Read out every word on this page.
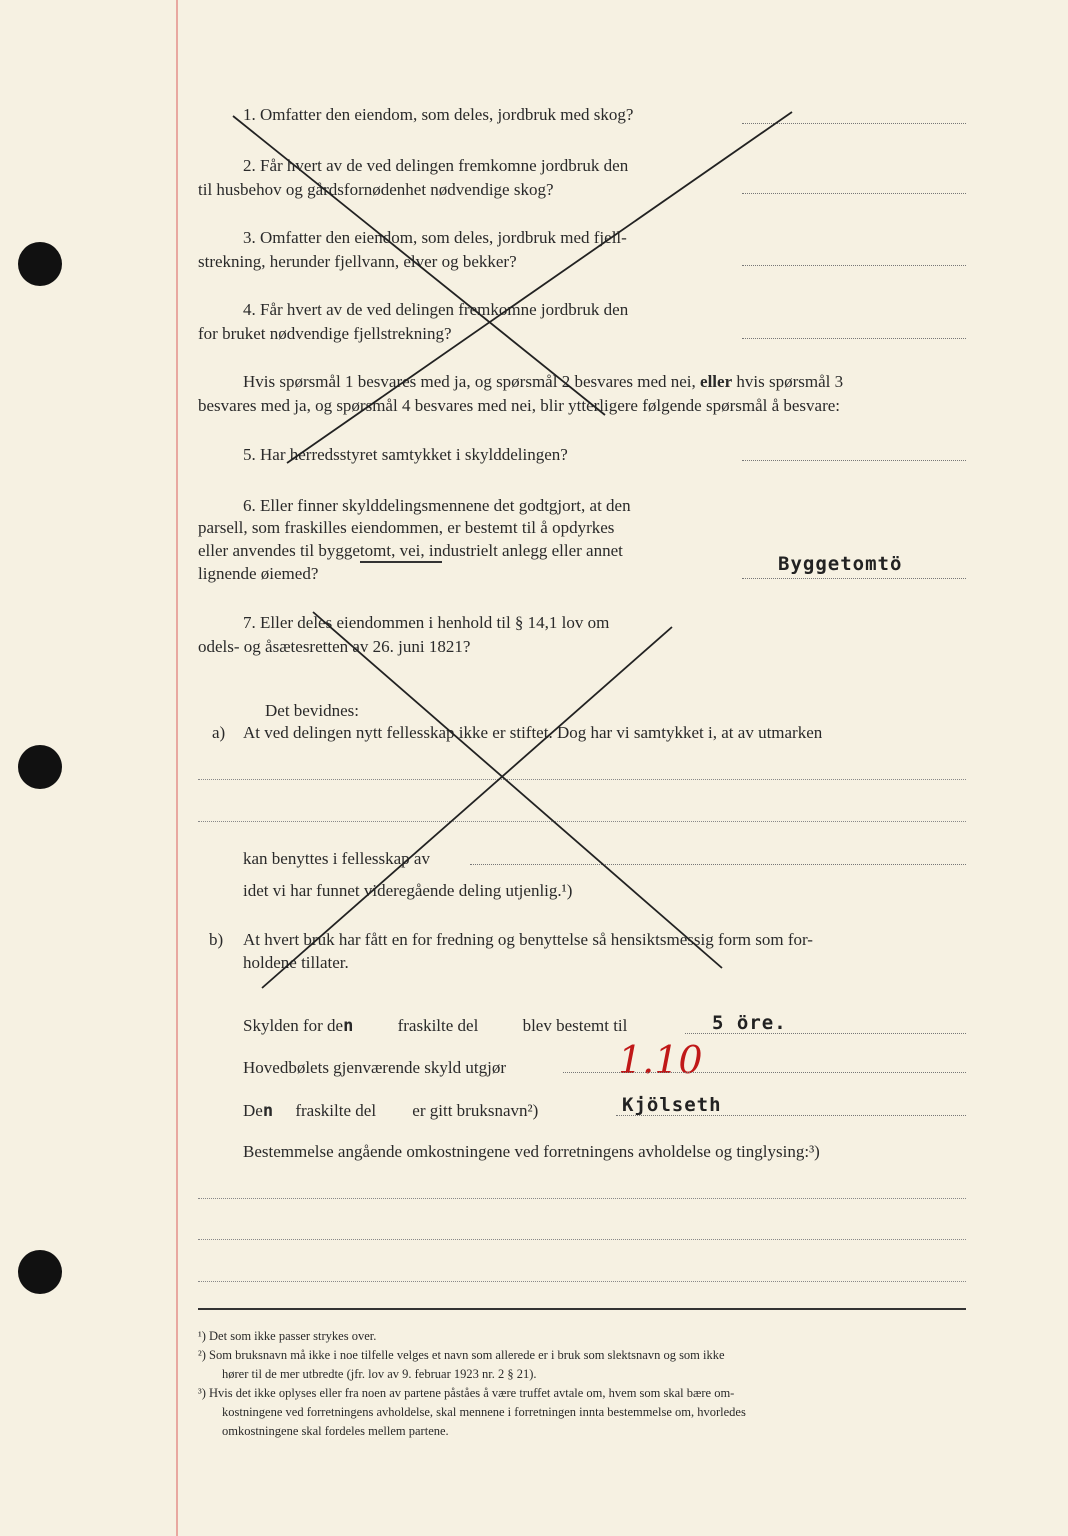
1. Omfatter den eiendom, som deles, jordbruk med skog?
2. Får hvert av de ved delingen fremkomne jordbruk den
til husbehov og gårdsfornødenhet nødvendige skog?
3. Omfatter den eiendom, som deles, jordbruk med fjell-
strekning, herunder fjellvann, elver og bekker?
4. Får hvert av de ved delingen fremkomne jordbruk den
for bruket nødvendige fjellstrekning?
Hvis spørsmål 1 besvares med ja, og spørsmål 2 besvares med nei, eller hvis spørsmål 3
besvares med ja, og spørsmål 4 besvares med nei, blir ytterligere følgende spørsmål å besvare:
5. Har herredsstyret samtykket i skylddelingen?
6. Eller finner skylddelingsmennene det godtgjort, at den
parsell, som fraskilles eiendommen, er bestemt til å opdyrkes
eller anvendes til byggetomt, vei, industrielt anlegg eller annet
lignende øiemed?	Byggetomtö
7. Eller deles eiendommen i henhold til § 14,1 lov om
odels- og åsætesretten av 26. juni 1821?
Det bevidnes:
a) At ved delingen nytt fellesskap ikke er stiftet. Dog har vi samtykket i, at av utmarken
kan benyttes i fellesskap av
idet vi har funnet videregående deling utjenlig.¹)
b) At hvert bruk har fått en for fredning og benyttelse så hensiktsmessig form som for-
holdene tillater.
Skylden for den	fraskilte del	blev bestemt til	5 öre.
Hovedbølets gjenværende skyld utgjør	1.10
Den fraskilte del er gitt bruksnavn²)	Kjölseth
Bestemmelse angående omkostningene ved forretningens avholdelse og tinglysing:³)
¹) Det som ikke passer strykes over.
²) Som bruksnavn må ikke i noe tilfelle velges et navn som allerede er i bruk som slektsnavn og som ikke
hører til de mer utbredte (jfr. lov av 9. februar 1923 nr. 2 § 21).
³) Hvis det ikke oplyses eller fra noen av partene påståes å være truffet avtale om, hvem som skal bære om-
kostningene ved forretningens avholdelse, skal mennene i forretningen innta bestemmelse om, hvorledes
omkostningene skal fordeles mellem partene.
